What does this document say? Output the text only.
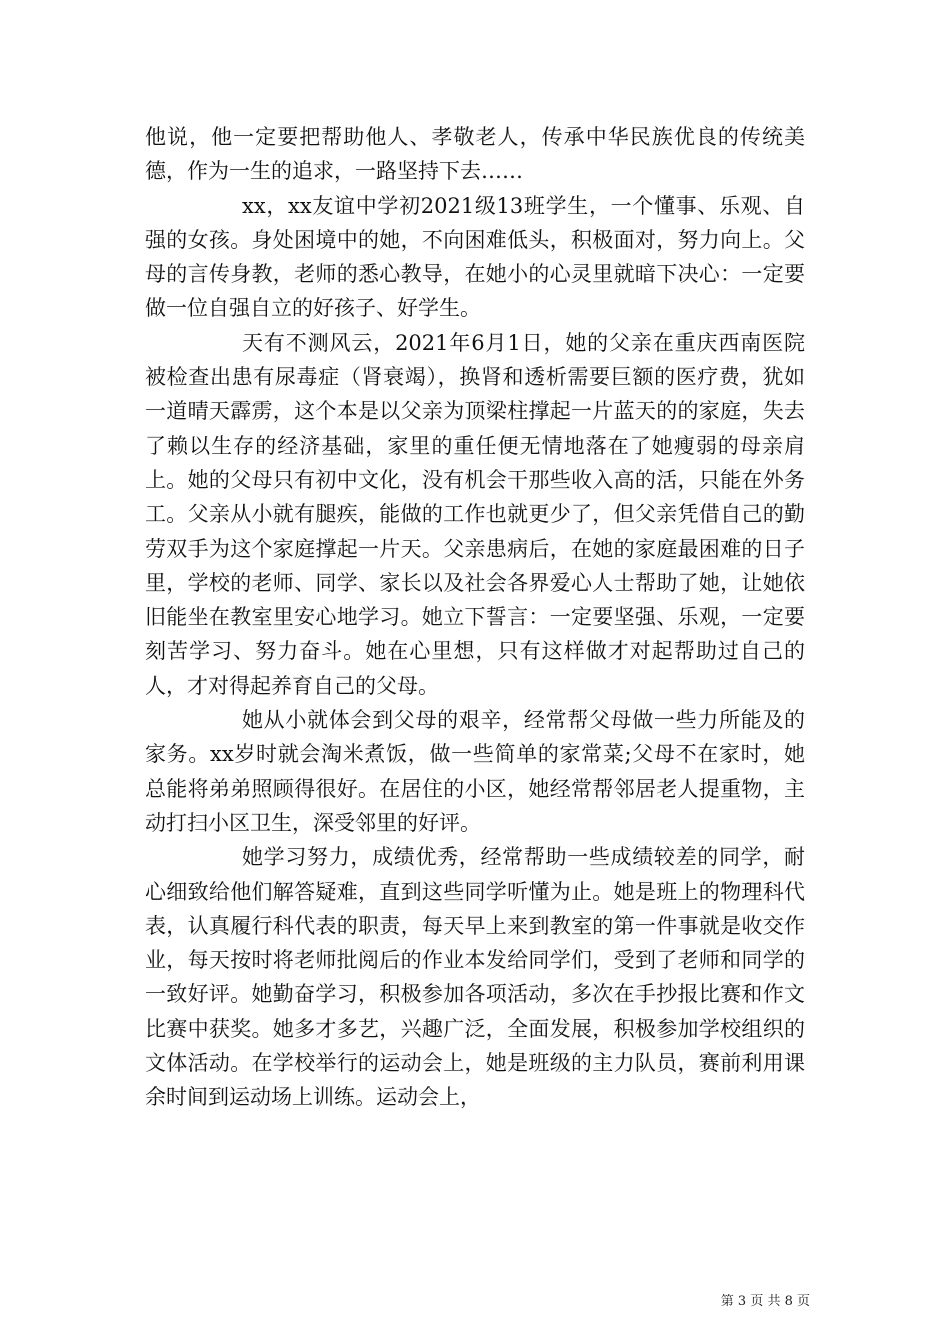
他说，他一定要把帮助他人、孝敬老人，传承中华民族优良的传统美德，作为一生的追求，一路坚持下去……

xx，xx友谊中学初2021级13班学生，一个懂事、乐观、自强的女孩。身处困境中的她，不向困难低头，积极面对，努力向上。父母的言传身教，老师的悉心教导，在她小的心灵里就暗下决心：一定要做一位自强自立的好孩子、好学生。

天有不测风云，2021年6月1日，她的父亲在重庆西南医院被检查出患有尿毒症（肾衰竭），换肾和透析需要巨额的医疗费，犹如一道晴天霹雳，这个本是以父亲为顶梁柱撑起一片蓝天的的家庭，失去了赖以生存的经济基础，家里的重任便无情地落在了她瘦弱的母亲肩上。她的父母只有初中文化，没有机会干那些收入高的活，只能在外务工。父亲从小就有腿疾，能做的工作也就更少了，但父亲凭借自己的勤劳双手为这个家庭撑起一片天。父亲患病后，在她的家庭最困难的日子里，学校的老师、同学、家长以及社会各界爱心人士帮助了她，让她依旧能坐在教室里安心地学习。她立下誓言：一定要坚强、乐观，一定要刻苦学习、努力奋斗。她在心里想，只有这样做才对起帮助过自己的人，才对得起养育自己的父母。

她从小就体会到父母的艰辛，经常帮父母做一些力所能及的家务。xx岁时就会淘米煮饭，做一些简单的家常菜;父母不在家时，她总能将弟弟照顾得很好。在居住的小区，她经常帮邻居老人提重物，主动打扫小区卫生，深受邻里的好评。

她学习努力，成绩优秀，经常帮助一些成绩较差的同学，耐心细致给他们解答疑难，直到这些同学听懂为止。她是班上的物理科代表，认真履行科代表的职责，每天早上来到教室的第一件事就是收交作业，每天按时将老师批阅后的作业本发给同学们，受到了老师和同学的一致好评。她勤奋学习，积极参加各项活动，多次在手抄报比赛和作文比赛中获奖。她多才多艺，兴趣广泛，全面发展，积极参加学校组织的文体活动。在学校举行的运动会上，她是班级的主力队员，赛前利用课余时间到运动场上训练。运动会上，

第 3 页 共 8 页
